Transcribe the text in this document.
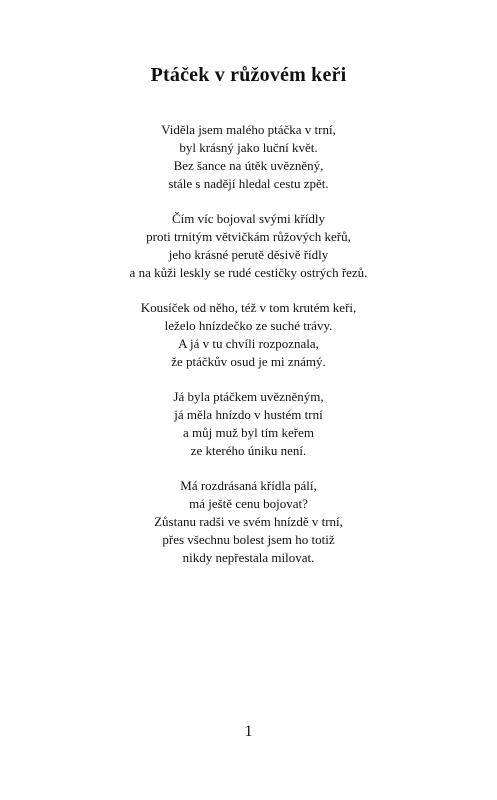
Ptáček v růžovém keři
Viděla jsem malého ptáčka v trní,
byl krásný jako luční květ.
Bez šance na útěk uvězněný,
stále s nadějí hledal cestu zpět.
Čím víc bojoval svými křídly
proti trnitým větvičkám růžových keřů,
jeho krásné perutě děsivě řídly
a na kůži leskly se rudé cestičky ostrých řezů.
Kousíček od něho, též v tom krutém keři,
leželo hnízdečko ze suché trávy.
A já v tu chvíli rozpoznala,
že ptáčkův osud je mi známý.
Já byla ptáčkem uvězněným,
já měla hnízdo v hustém trní
a můj muž byl tím keřem
ze kterého úniku není.
Má rozdrásaná křídla pálí,
má ještě cenu bojovat?
Zůstanu radši ve svém hnízdě v trní,
přes všechnu bolest jsem ho totiž
nikdy nepřestala milovat.
1
